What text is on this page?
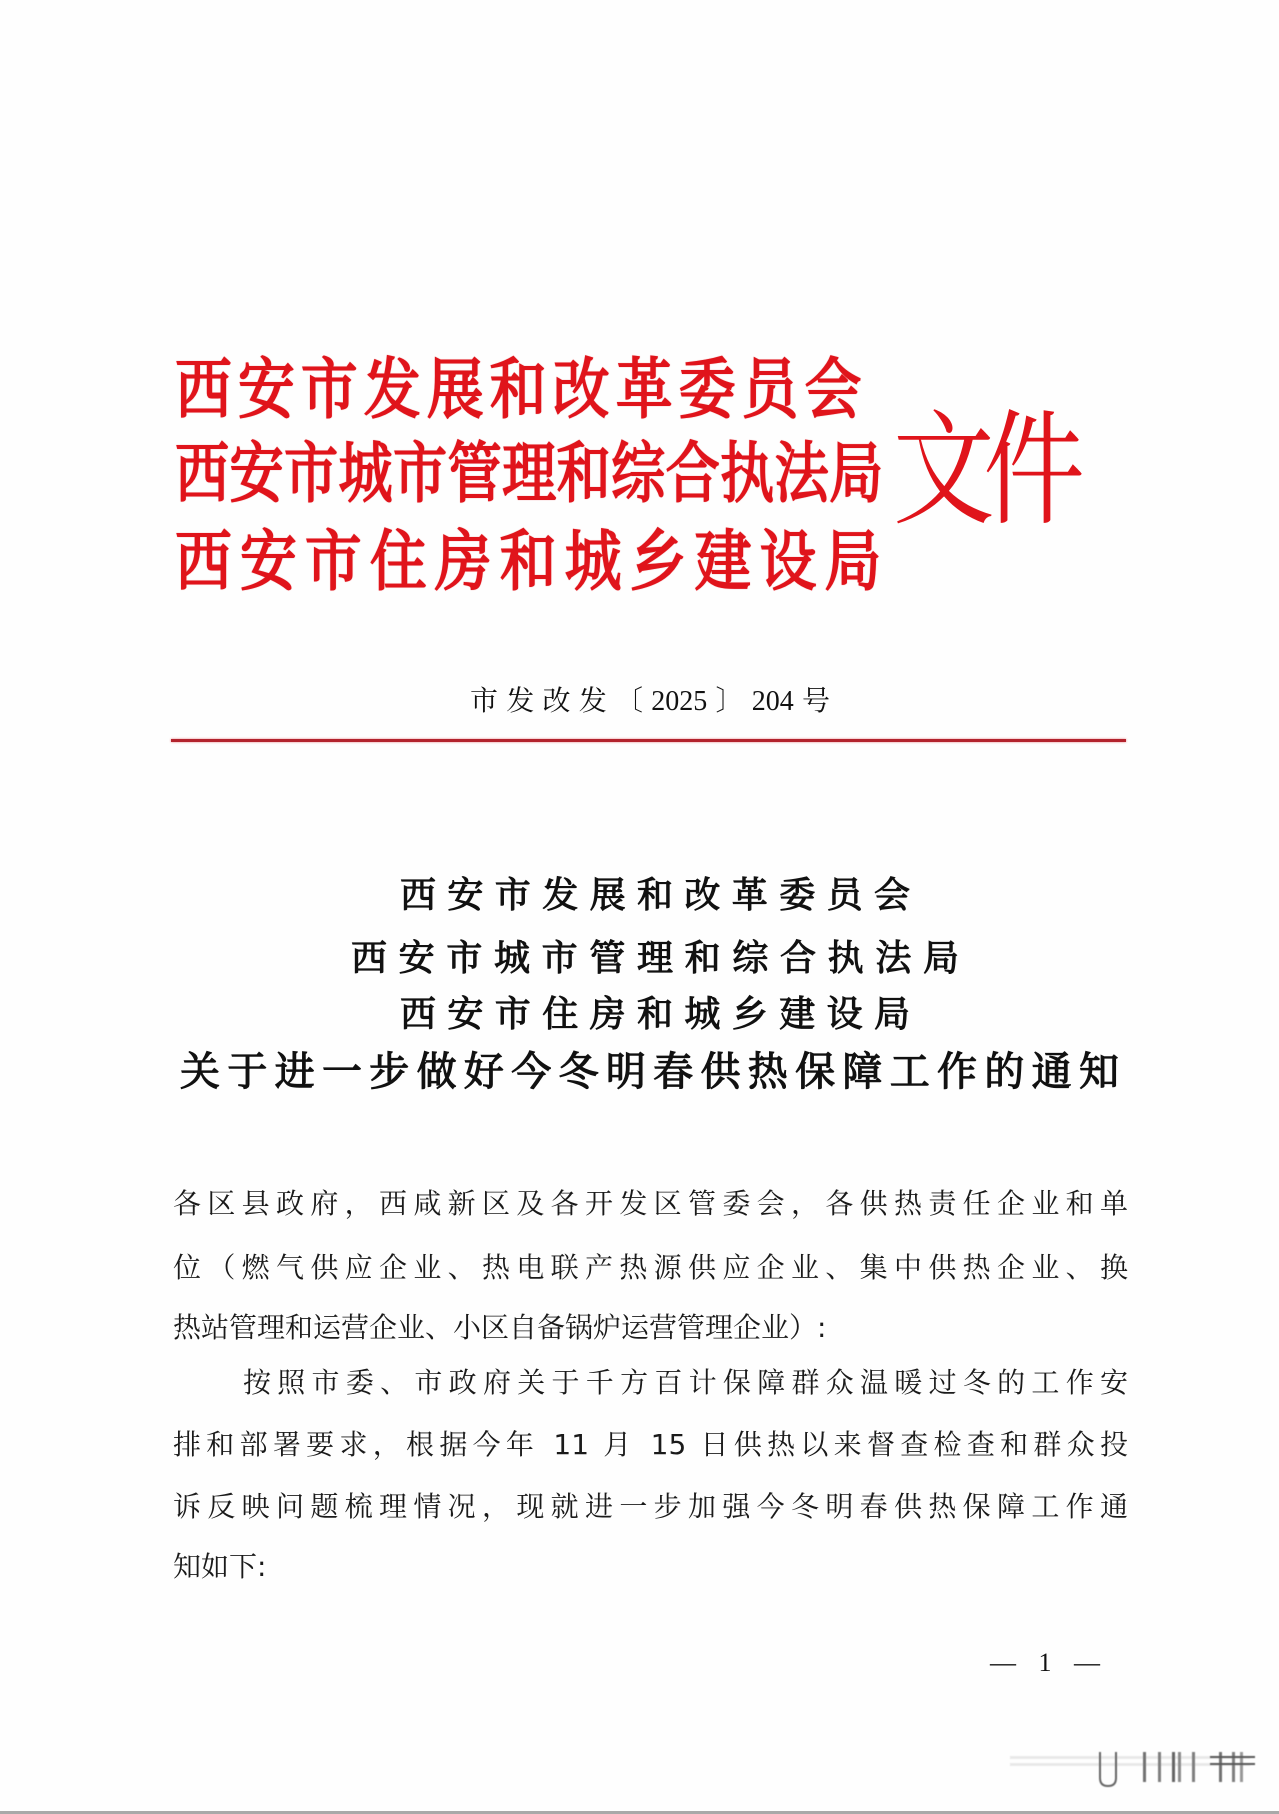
西安市发展和改革委员会
西安市城市管理和综合执法局
西安市住房和城乡建设局
文件
市发改发〔2025〕204号
西安市发展和改革委员会
西安市城市管理和综合执法局
西安市住房和城乡建设局
关于进一步做好今冬明春供热保障工作的通知
各区县政府，西咸新区及各开发区管委会，各供热责任企业和单
位（燃气供应企业、热电联产热源供应企业、集中供热企业、换
热站管理和运营企业、小区自备锅炉运营管理企业）:
按照市委、市政府关于千方百计保障群众温暖过冬的工作安
排和部署要求，根据今年 11 月 15 日供热以来督查检查和群众投
诉反映问题梳理情况，现就进一步加强今冬明春供热保障工作通
知如下:
— 1 —
